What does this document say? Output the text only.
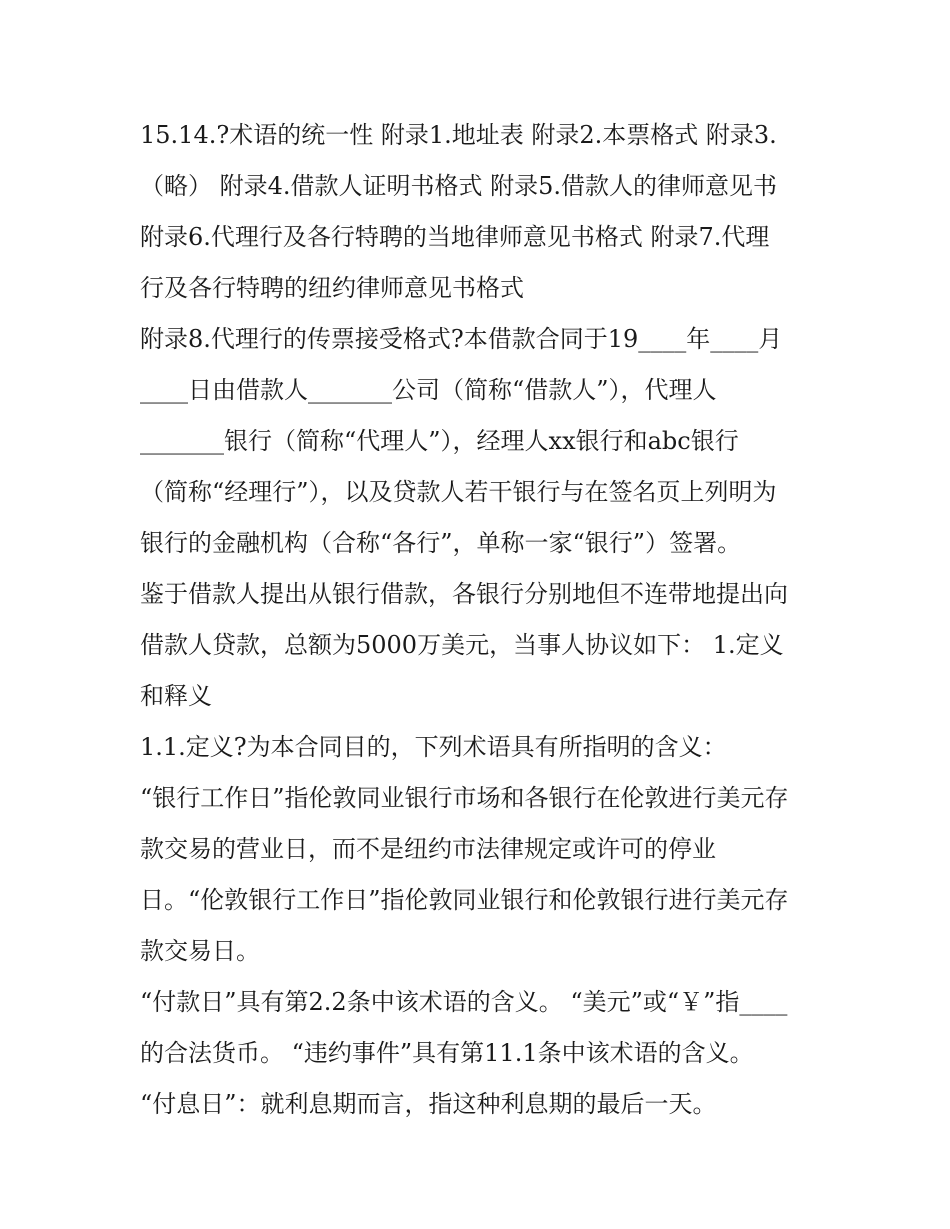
15.14.?术语的统一性 附录1.地址表 附录2.本票格式 附录3.
（略） 附录4.借款人证明书格式 附录5.借款人的律师意见书
附录6.代理行及各行特聘的当地律师意见书格式 附录7.代理
行及各行特聘的纽约律师意见书格式
附录8.代理行的传票接受格式?本借款合同于19____年____月
____日由借款人_______公司（简称“借款人”），代理人
_______银行（简称“代理人”），经理人xx银行和abc银行
（简称“经理行”），以及贷款人若干银行与在签名页上列明为
银行的金融机构（合称“各行”，单称一家“银行”）签署。
鉴于借款人提出从银行借款，各银行分别地但不连带地提出向
借款人贷款，总额为5000万美元，当事人协议如下： 1.定义
和释义
1.1.定义?为本合同目的，下列术语具有所指明的含义：
“银行工作日”指伦敦同业银行市场和各银行在伦敦进行美元存
款交易的营业日，而不是纽约市法律规定或许可的停业
日。“伦敦银行工作日”指伦敦同业银行和伦敦银行进行美元存
款交易日。
“付款日”具有第2.2条中该术语的含义。 “美元”或“￥”指____
的合法货币。 “违约事件”具有第11.1条中该术语的含义。
“付息日”：就利息期而言，指这种利息期的最后一天。
